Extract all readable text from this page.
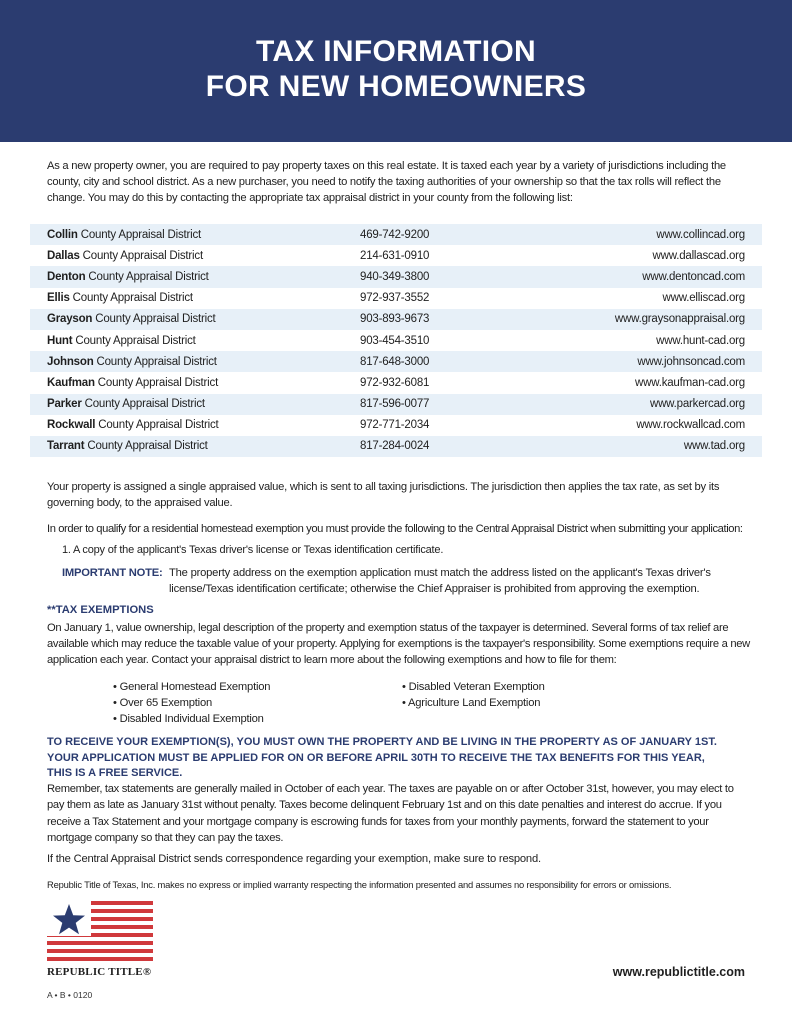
TAX INFORMATION
FOR NEW HOMEOWNERS

As a new property owner, you are required to pay property taxes on this real estate. It is taxed each year by a variety of jurisdictions including the county, city and school district. As a new purchaser, you need to notify the taxing authorities of your ownership so that the tax rolls will reflect the change. You may do this by contacting the appropriate tax appraisal district in your county from the following list:

Collin County Appraisal District	469-742-9200	www.collincad.org
Dallas County Appraisal District	214-631-0910	www.dallascad.org
Denton County Appraisal District	940-349-3800	www.dentoncad.com
Ellis County Appraisal District	972-937-3552	www.elliscad.org
Grayson County Appraisal District	903-893-9673	www.graysonappraisal.org
Hunt County Appraisal District	903-454-3510	www.hunt-cad.org
Johnson County Appraisal District	817-648-3000	www.johnsoncad.com
Kaufman County Appraisal District	972-932-6081	www.kaufman-cad.org
Parker County Appraisal District	817-596-0077	www.parkercad.org
Rockwall County Appraisal District	972-771-2034	www.rockwallcad.com
Tarrant County Appraisal District	817-284-0024	www.tad.org

Your property is assigned a single appraised value, which is sent to all taxing jurisdictions. The jurisdiction then applies the tax rate, as set by its governing body, to the appraised value.

In order to qualify for a residential homestead exemption you must provide the following to the Central Appraisal District when submitting your application:

1. A copy of the applicant's Texas driver's license or Texas identification certificate.

IMPORTANT NOTE: The property address on the exemption application must match the address listed on the applicant's Texas driver's
license/Texas identification certificate; otherwise the Chief Appraiser is prohibited from approving the exemption.
**TAX EXEMPTIONS

On January 1, value ownership, legal description of the property and exemption status of the taxpayer is determined. Several forms of tax relief are available which may reduce the taxable value of your property. Applying for exemptions is the taxpayer's responsibility. Some exemptions require a new application each year. Contact your appraisal district to learn more about the following exemptions and how to file for them:

• General Homestead Exemption
• Over 65 Exemption
• Disabled Individual Exemption
• Disabled Veteran Exemption
• Agriculture Land Exemption
TO RECEIVE YOUR EXEMPTION(S), YOU MUST OWN THE PROPERTY AND BE LIVING IN THE PROPERTY AS OF JANUARY 1ST.
YOUR APPLICATION MUST BE APPLIED FOR ON OR BEFORE APRIL 30TH TO RECEIVE THE TAX BENEFITS FOR THIS YEAR,
THIS IS A FREE SERVICE.

Remember, tax statements are generally mailed in October of each year. The taxes are payable on or after October 31st, however, you may elect to pay them as late as January 31st without penalty. Taxes become delinquent February 1st and on this date penalties and interest do accrue. If you receive a Tax Statement and your mortgage company is escrowing funds for taxes from your monthly payments, forward the statement to your mortgage company so that they can pay the taxes.

If the Central Appraisal District sends correspondence regarding your exemption, make sure to respond.

Republic Title of Texas, Inc. makes no express or implied warranty respecting the information presented and assumes no responsibility for errors or omissions.

REPUBLIC TITLE®
A • B • 0120
www.republictitle.com
